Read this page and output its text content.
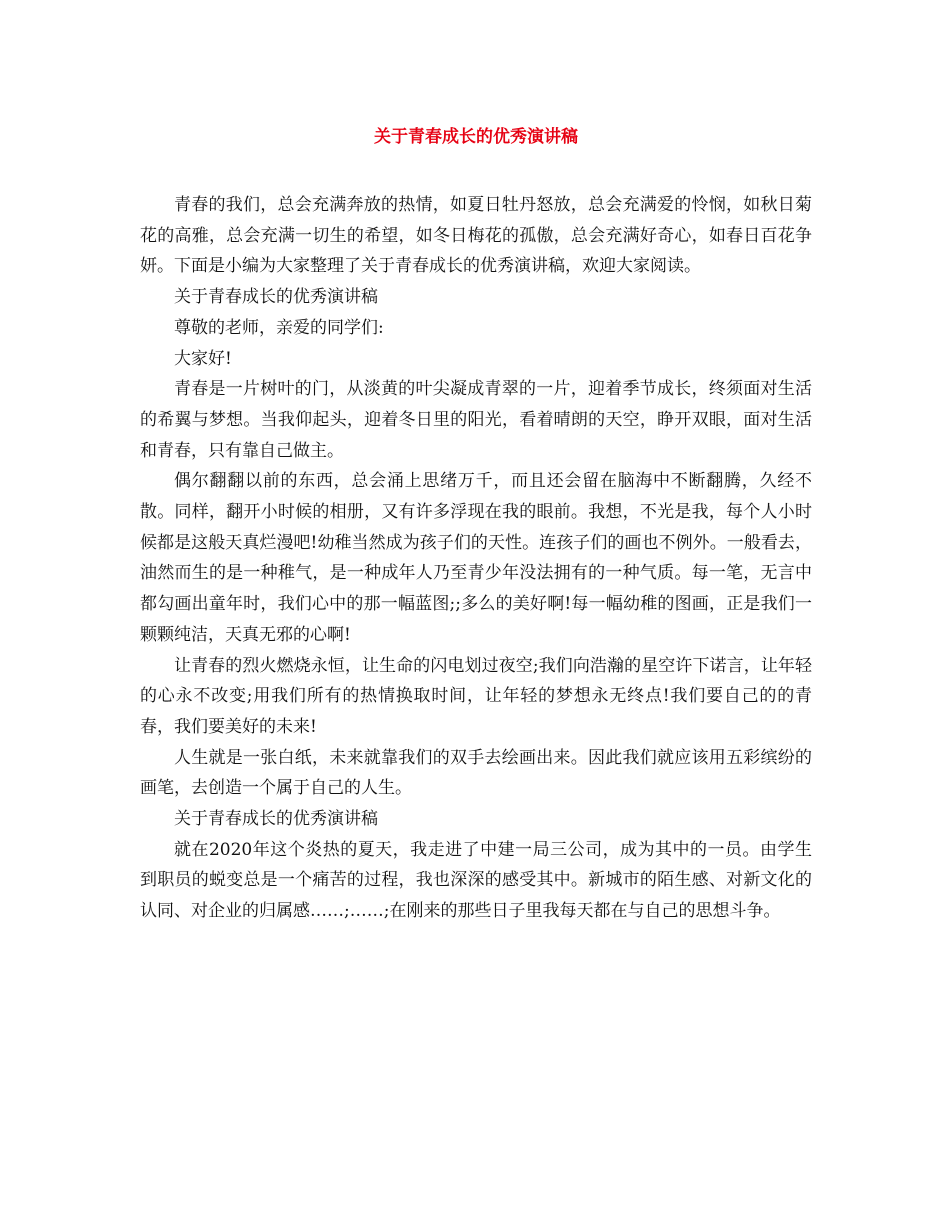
关于青春成长的优秀演讲稿

青春的我们，总会充满奔放的热情，如夏日牡丹怒放，总会充满爱的怜悯，如秋日菊花的高雅，总会充满一切生的希望，如冬日梅花的孤傲，总会充满好奇心，如春日百花争妍。下面是小编为大家整理了关于青春成长的优秀演讲稿，欢迎大家阅读。

关于青春成长的优秀演讲稿

尊敬的老师，亲爱的同学们:

大家好!

青春是一片树叶的门，从淡黄的叶尖凝成青翠的一片，迎着季节成长，终须面对生活的希翼与梦想。当我仰起头，迎着冬日里的阳光，看着晴朗的天空，睁开双眼，面对生活和青春，只有靠自己做主。

偶尔翻翻以前的东西，总会涌上思绪万千，而且还会留在脑海中不断翻腾，久经不散。同样，翻开小时候的相册，又有许多浮现在我的眼前。我想，不光是我，每个人小时候都是这般天真烂漫吧!幼稚当然成为孩子们的天性。连孩子们的画也不例外。一般看去，油然而生的是一种稚气，是一种成年人乃至青少年没法拥有的一种气质。每一笔，无言中都勾画出童年时，我们心中的那一幅蓝图;;多么的美好啊!每一幅幼稚的图画，正是我们一颗颗纯洁，天真无邪的心啊!

让青春的烈火燃烧永恒，让生命的闪电划过夜空;我们向浩瀚的星空许下诺言，让年轻的心永不改变;用我们所有的热情换取时间，让年轻的梦想永无终点!我们要自己的的青春，我们要美好的未来!

人生就是一张白纸，未来就靠我们的双手去绘画出来。因此我们就应该用五彩缤纷的画笔，去创造一个属于自己的人生。

关于青春成长的优秀演讲稿

就在2020年这个炎热的夏天，我走进了中建一局三公司，成为其中的一员。由学生到职员的蜕变总是一个痛苦的过程，我也深深的感受其中。新城市的陌生感、对新文化的认同、对企业的归属感……;……;在刚来的那些日子里我每天都在与自己的思想斗争。
